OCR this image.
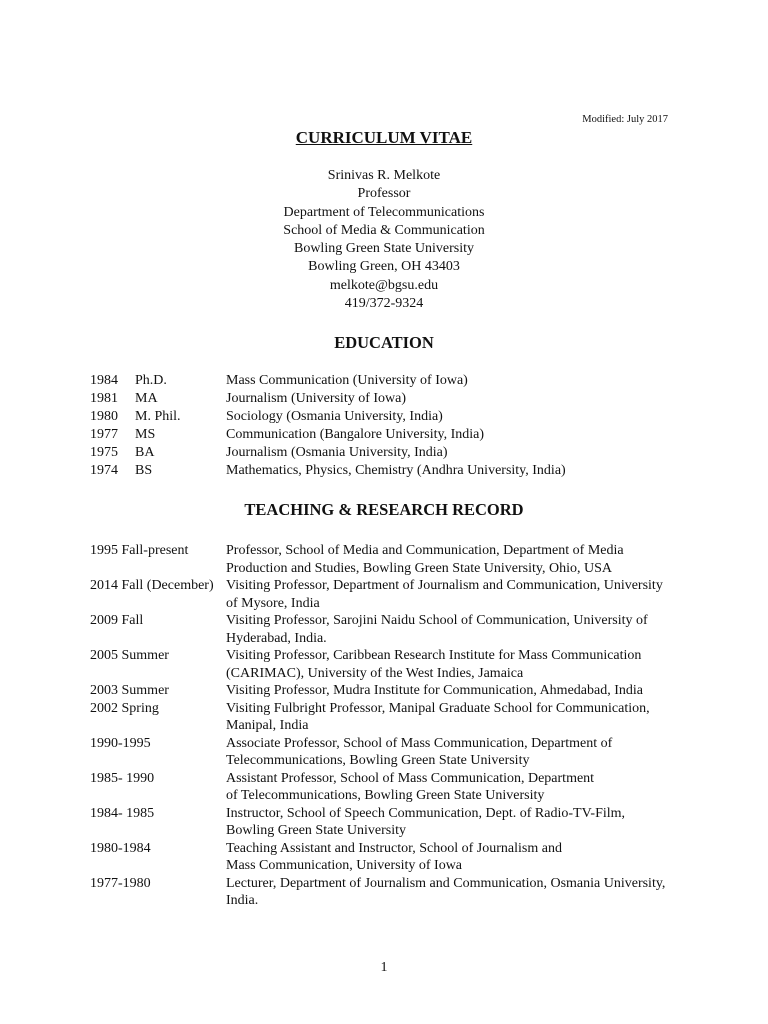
Modified: July 2017
CURRICULUM VITAE
Srinivas R. Melkote
Professor
Department of Telecommunications
School of Media & Communication
Bowling Green State University
Bowling Green, OH 43403
melkote@bgsu.edu
419/372-9324
EDUCATION
1984	Ph.D.	Mass Communication (University of Iowa)
1981	MA	Journalism (University of Iowa)
1980	M. Phil.	Sociology (Osmania University, India)
1977	MS	Communication (Bangalore University, India)
1975	BA	Journalism (Osmania University, India)
1974	BS	Mathematics, Physics, Chemistry (Andhra University, India)
TEACHING & RESEARCH RECORD
1995 Fall-present	Professor, School of Media and Communication, Department of Media
Production and Studies, Bowling Green State University, Ohio, USA
2014 Fall (December) Visiting Professor, Department of Journalism and Communication, University
of Mysore, India
2009 Fall	Visiting Professor, Sarojini Naidu School of Communication, University of
Hyderabad, India.
2005 Summer	Visiting Professor, Caribbean Research Institute for Mass Communication
(CARIMAC), University of the West Indies, Jamaica
2003 Summer	Visiting Professor, Mudra Institute for Communication, Ahmedabad, India
2002 Spring	Visiting Fulbright Professor, Manipal Graduate School for Communication,
Manipal, India
1990-1995	Associate Professor, School of Mass Communication, Department of
Telecommunications, Bowling Green State University
1985- 1990	Assistant Professor, School of Mass Communication, Department
of Telecommunications, Bowling Green State University
1984- 1985	Instructor, School of Speech Communication, Dept. of Radio-TV-Film,
Bowling Green State University
1980-1984	Teaching Assistant and Instructor, School of Journalism and
Mass Communication, University of Iowa
1977-1980	Lecturer, Department of Journalism and Communication, Osmania University,
India.
1
